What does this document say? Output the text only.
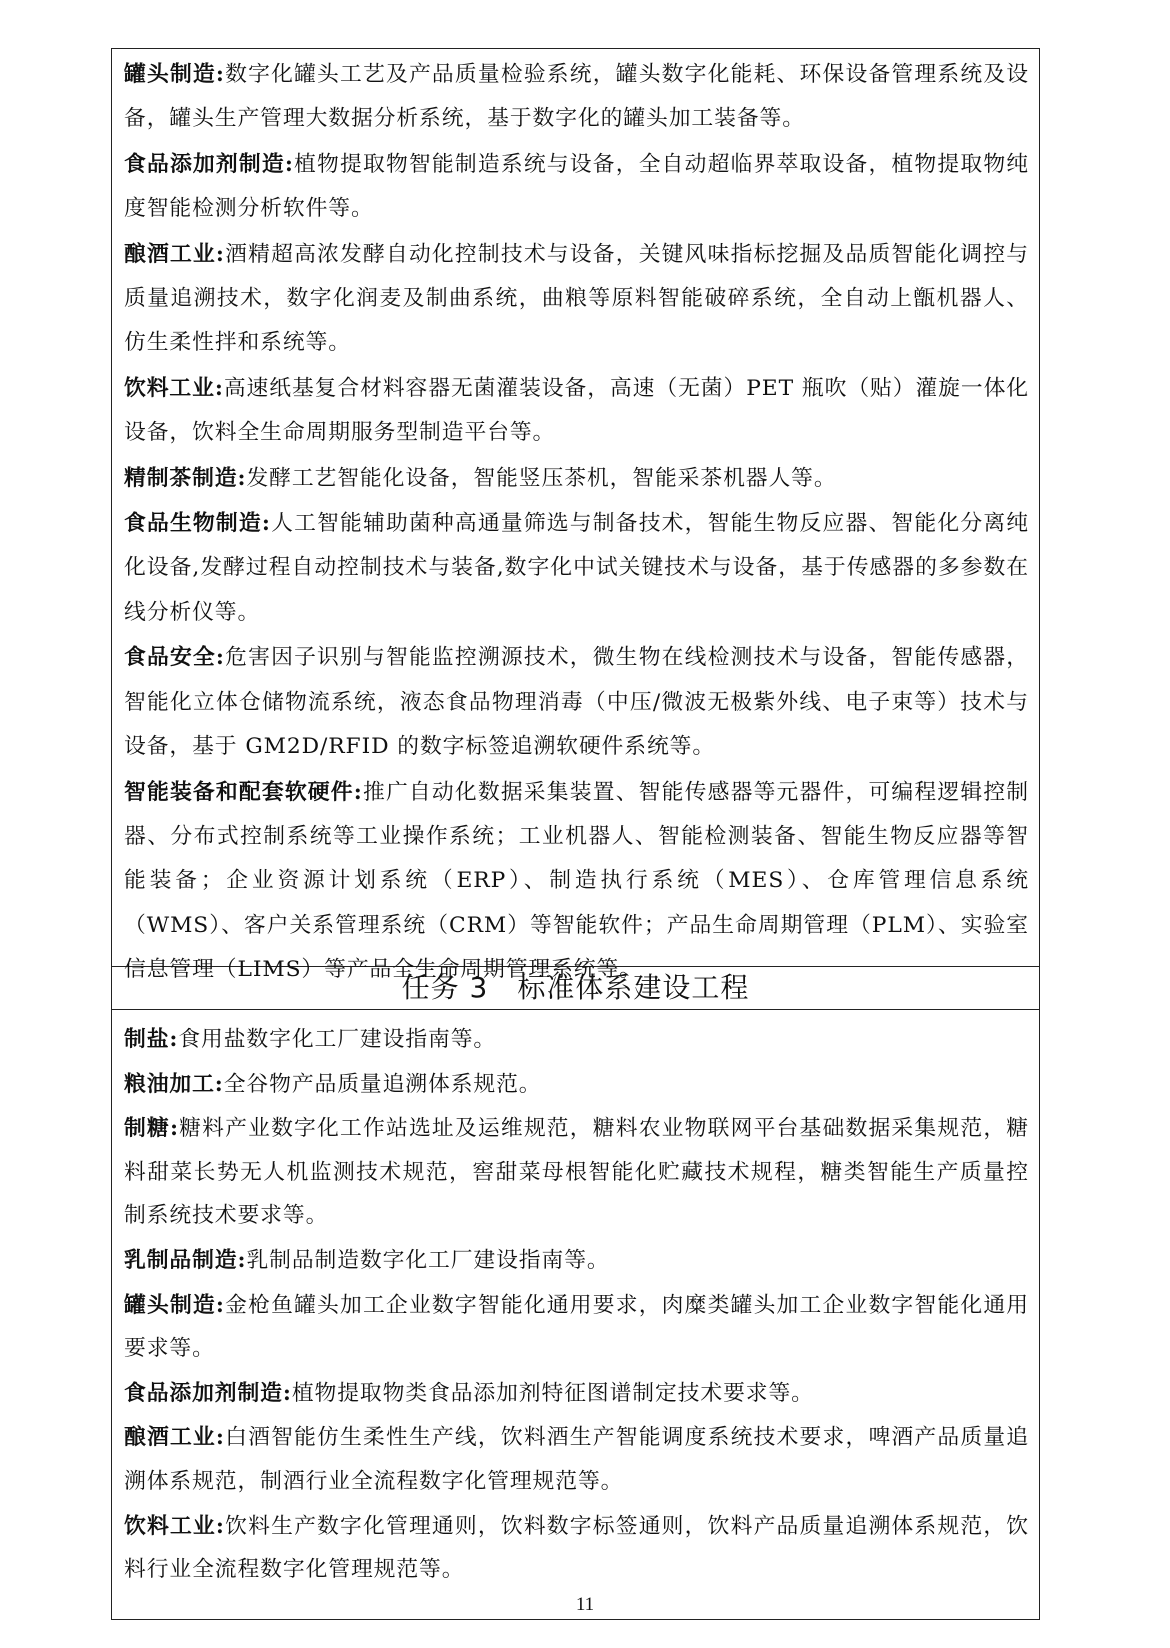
罐头制造:数字化罐头工艺及产品质量检验系统，罐头数字化能耗、环保设备管理系统及设备，罐头生产管理大数据分析系统，基于数字化的罐头加工装备等。

食品添加剂制造:植物提取物智能制造系统与设备，全自动超临界萃取设备，植物提取物纯度智能检测分析软件等。

酿酒工业:酒精超高浓发酵自动化控制技术与设备，关键风味指标挖掘及品质智能化调控与质量追溯技术，数字化润麦及制曲系统，曲粮等原料智能破碎系统，全自动上甑机器人、仿生柔性拌和系统等。

饮料工业:高速纸基复合材料容器无菌灌装设备，高速（无菌）PET 瓶吹（贴）灌旋一体化设备，饮料全生命周期服务型制造平台等。

精制茶制造:发酵工艺智能化设备，智能竖压茶机，智能采茶机器人等。

食品生物制造:人工智能辅助菌种高通量筛选与制备技术，智能生物反应器、智能化分离纯化设备,发酵过程自动控制技术与装备,数字化中试关键技术与设备，基于传感器的多参数在线分析仪等。

食品安全:危害因子识别与智能监控溯源技术，微生物在线检测技术与设备，智能传感器，智能化立体仓储物流系统，液态食品物理消毒（中压/微波无极紫外线、电子束等）技术与设备，基于 GM2D/RFID 的数字标签追溯软硬件系统等。

智能装备和配套软硬件:推广自动化数据采集装置、智能传感器等元器件，可编程逻辑控制器、分布式控制系统等工业操作系统；工业机器人、智能检测装备、智能生物反应器等智能装备；企业资源计划系统（ERP）、制造执行系统（MES）、仓库管理信息系统（WMS）、客户关系管理系统（CRM）等智能软件；产品生命周期管理（PLM）、实验室信息管理（LIMS）等产品全生命周期管理系统等。

任务 3　标准体系建设工程

制盐:食用盐数字化工厂建设指南等。

粮油加工:全谷物产品质量追溯体系规范。

制糖:糖料产业数字化工作站选址及运维规范，糖料农业物联网平台基础数据采集规范，糖料甜菜长势无人机监测技术规范，窖甜菜母根智能化贮藏技术规程，糖类智能生产质量控制系统技术要求等。

乳制品制造:乳制品制造数字化工厂建设指南等。

罐头制造:金枪鱼罐头加工企业数字智能化通用要求，肉糜类罐头加工企业数字智能化通用要求等。

食品添加剂制造:植物提取物类食品添加剂特征图谱制定技术要求等。

酿酒工业:白酒智能仿生柔性生产线，饮料酒生产智能调度系统技术要求，啤酒产品质量追溯体系规范，制酒行业全流程数字化管理规范等。

饮料工业:饮料生产数字化管理通则，饮料数字标签通则，饮料产品质量追溯体系规范，饮料行业全流程数字化管理规范等。

11
